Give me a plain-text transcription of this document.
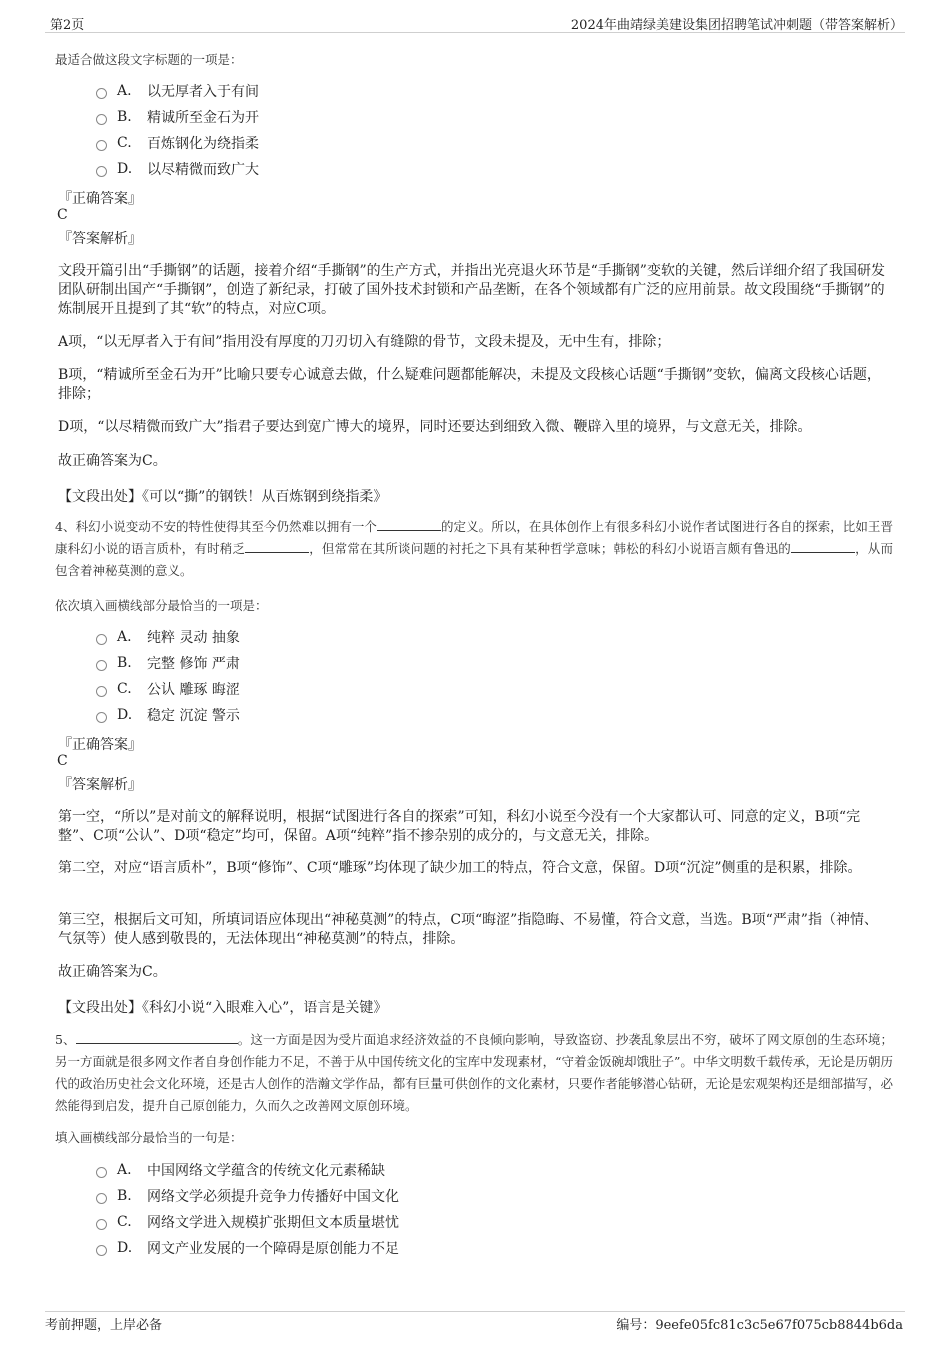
第2页	2024年曲靖绿美建设集团招聘笔试冲刺题（带答案解析）
最适合做这段文字标题的一项是：
A.	以无厚者入于有间
B.	精诚所至金石为开
C.	百炼钢化为绕指柔
D.	以尽精微而致广大
『正确答案』
C
『答案解析』
文段开篇引出“手撕钢”的话题，接着介绍“手撕钢”的生产方式，并指出光亮退火环节是“手撕钢”变软的关键，然后详细介绍了我国研发团队研制出国产“手撕钢”，创造了新纪录，打破了国外技术封锁和产品垄断，在各个领域都有广泛的应用前景。故文段围绕“手撕钢”的炼制展开且提到了其“软”的特点，对应C项。
A项，“以无厚者入于有间”指用没有厚度的刀刃切入有缝隙的骨节，文段未提及，无中生有，排除；
B项，“精诚所至金石为开”比喻只要专心诚意去做，什么疑难问题都能解决，未提及文段核心话题“手撕钢”变软，偏离文段核心话题，排除；
D项，“以尽精微而致广大”指君子要达到宽广博大的境界，同时还要达到细致入微、鞭辟入里的境界，与文意无关，排除。
故正确答案为C。
【文段出处】《可以“撕”的钢铁！从百炼钢到绕指柔》
4、科幻小说变动不安的特性使得其至今仍然难以拥有一个	的定义。所以，在具体创作上有很多科幻小说作者试图进行各自的探索，比如王晋康科幻小说的语言质朴，有时稍乏	，但常常在其所谈问题的衬托之下具有某种哲学意味；韩松的科幻小说语言颇有鲁迅的	，从而包含着神秘莫测的意义。
依次填入画横线部分最恰当的一项是：
A.	纯粹 灵动 抽象
B.	完整 修饰 严肃
C.	公认 雕琢 晦涩
D.	稳定 沉淀 警示
『正确答案』
C
『答案解析』
第一空，“所以”是对前文的解释说明，根据“试图进行各自的探索”可知，科幻小说至今没有一个大家都认可、同意的定义，B项“完整”、C项“公认”、D项“稳定”均可，保留。A项“纯粹”指不掺杂别的成分的，与文意无关，排除。
第二空，对应“语言质朴”，B项“修饰”、C项“雕琢”均体现了缺少加工的特点，符合文意，保留。D项“沉淀”侧重的是积累，排除。
第三空，根据后文可知，所填词语应体现出“神秘莫测”的特点，C项“晦涩”指隐晦、不易懂，符合文意，当选。B项“严肃”指（神情、气氛等）使人感到敬畏的，无法体现出“神秘莫测”的特点，排除。
故正确答案为C。
【文段出处】《科幻小说“入眼难入心”，语言是关键》
5、	。这一方面是因为受片面追求经济效益的不良倾向影响，导致盗窃、抄袭乱象层出不穷，破坏了网文原创的生态环境；另一方面就是很多网文作者自身创作能力不足，不善于从中国传统文化的宝库中发现素材，“守着金饭碗却饿肚子”。中华文明数千载传承，无论是历朝历代的政治历史社会文化环境，还是古人创作的浩瀚文学作品，都有巨量可供创作的文化素材，只要作者能够潜心钻研，无论是宏观架构还是细部描写，必然能得到启发，提升自己原创能力，久而久之改善网文原创环境。
填入画横线部分最恰当的一句是：
A.	中国网络文学蕴含的传统文化元素稀缺
B.	网络文学必须提升竞争力传播好中国文化
C.	网络文学进入规模扩张期但文本质量堪忧
D.	网文产业发展的一个障碍是原创能力不足
考前押题，上岸必备	编号：9eefe05fc81c3c5e67f075cb8844b6da
